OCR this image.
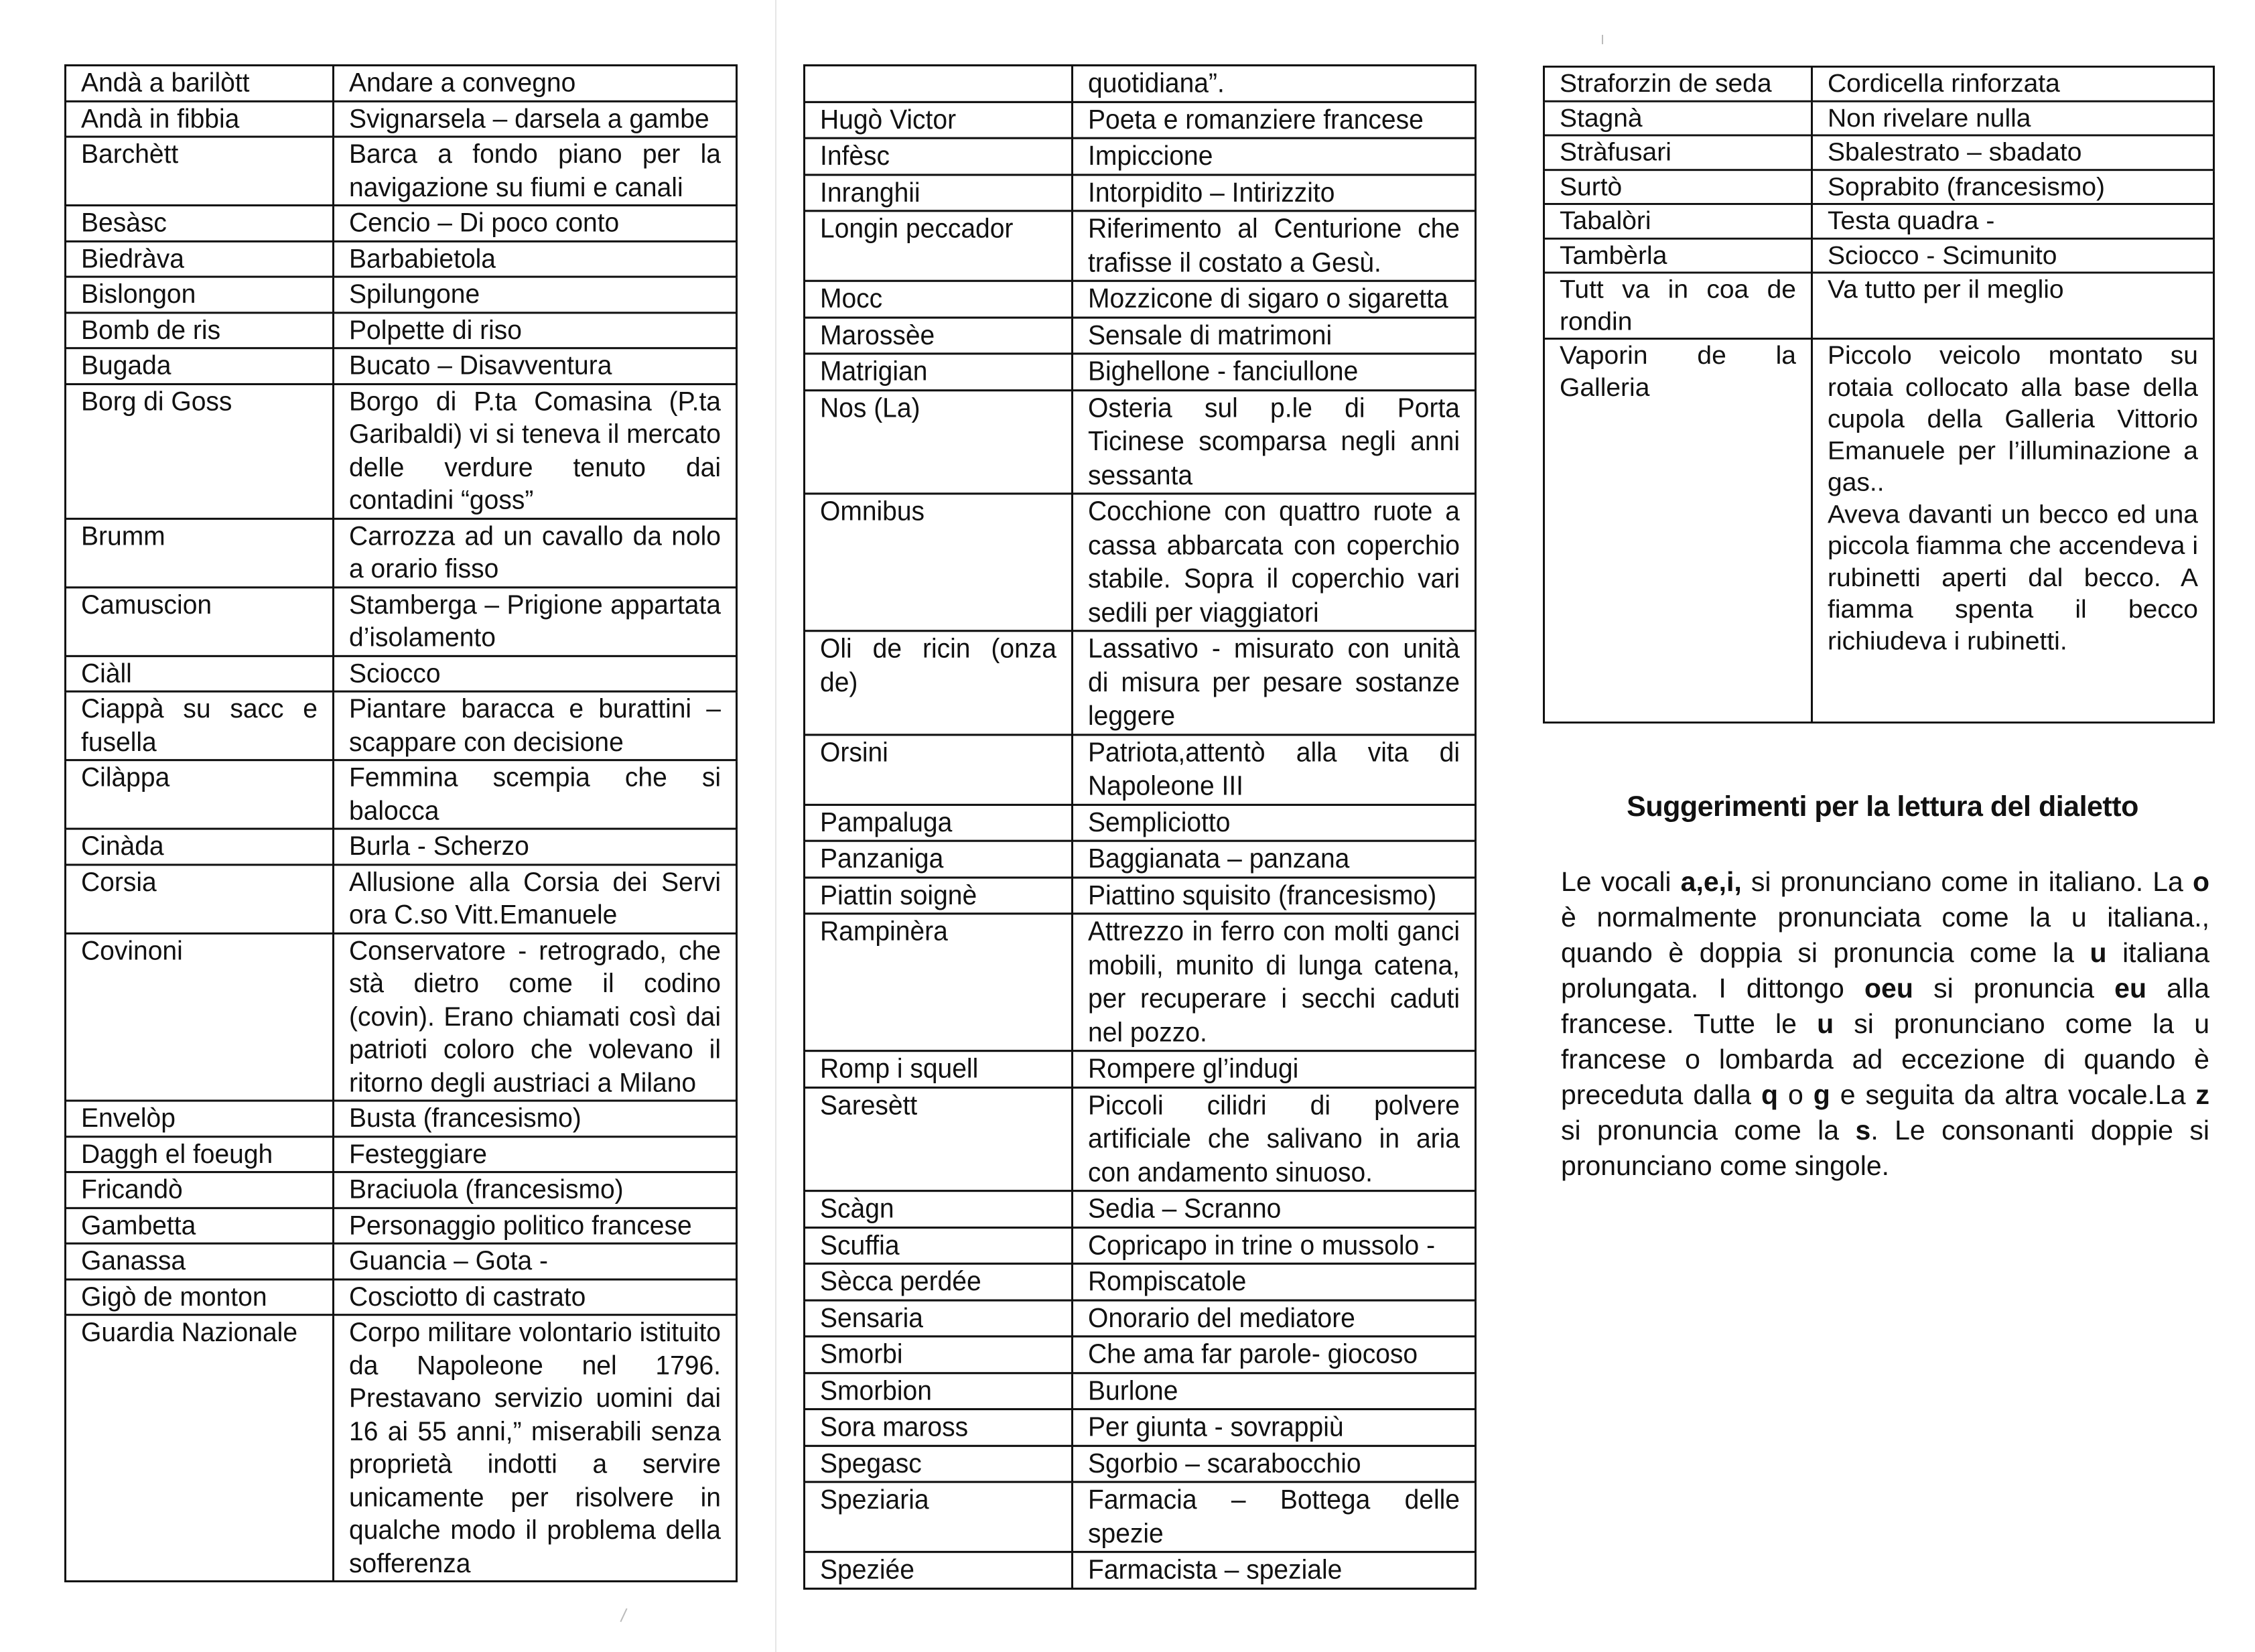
Andà a barilòtt	Andare a convegno
Andà in fibbia	Svignarsela – darsela a gambe
Barchètt	Barca a fondo piano per la navigazione su fiumi e canali
Besàsc	Cencio – Di poco conto
Biedràva	Barbabietola
Bislongon	Spilungone
Bomb de ris	Polpette di riso
Bugada	Bucato – Disavventura
Borg di Goss	Borgo di P.ta Comasina (P.ta Garibaldi) vi si teneva il mercato delle verdure tenuto dai contadini “goss”
Brumm	Carrozza ad un cavallo da nolo a orario fisso
Camuscion	Stamberga – Prigione appartata d’isolamento
Ciàll	Sciocco
Ciappà su sacc e fusella	Piantare baracca e burattini – scappare con decisione
Cilàppa	Femmina scempia che si balocca
Cinàda	Burla - Scherzo
Corsia	Allusione alla Corsia dei Servi ora C.so Vitt.Emanuele
Covinoni	Conservatore - retrogrado, che stà dietro come il codino (covin). Erano chiamati così dai patrioti coloro che volevano il ritorno degli austriaci a Milano
Envelòp	Busta (francesismo)
Daggh el foeugh	Festeggiare
Fricandò	Braciuola (francesismo)
Gambetta	Personaggio politico francese
Ganassa	Guancia – Gota -
Gigò de monton	Cosciotto di castrato
Guardia Nazionale	Corpo militare volontario istituito da Napoleone nel 1796. Prestavano servizio uomini dai 16 ai 55 anni,” miserabili senza proprietà indotti a servire unicamente per risolvere in qualche modo il problema della sofferenza
	quotidiana”.
Hugò Victor	Poeta e romanziere francese
Infèsc	Impiccione
Inranghii	Intorpidito – Intirizzito
Longin peccador	Riferimento al Centurione che trafisse il costato a Gesù.
Mocc	Mozzicone di sigaro o sigaretta
Marossèe	Sensale di matrimoni
Matrigian	Bighellone - fanciullone
Nos (La)	Osteria sul p.le di Porta Ticinese scomparsa negli anni sessanta
Omnibus	Cocchione con quattro ruote a cassa abbarcata con coperchio stabile. Sopra il coperchio vari sedili per viaggiatori
Oli de ricin (onza de)	Lassativo - misurato con unità di misura per pesare sostanze leggere
Orsini	Patriota,attentò alla vita di Napoleone III
Pampaluga	Sempliciotto
Panzaniga	Baggianata – panzana
Piattin soignè	Piattino squisito (francesismo)
Rampinèra	Attrezzo in ferro con molti ganci mobili, munito di lunga catena, per recuperare i secchi caduti nel pozzo.
Romp i squell	Rompere gl’indugi
Saresètt	Piccoli cilidri di polvere artificiale che salivano in aria con andamento sinuoso.
Scàgn	Sedia – Scranno
Scuffia	Copricapo in trine o mussolo -
Sècca perdée	Rompiscatole
Sensaria	Onorario del mediatore
Smorbi	Che ama far parole- giocoso
Smorbion	Burlone
Sora maross	Per giunta - sovrappiù
Spegasc	Sgorbio – scarabocchio
Speziaria	Farmacia – Bottega delle spezie
Speziée	Farmacista – speziale
Straforzin de seda	Cordicella rinforzata
Stagnà	Non rivelare nulla
Stràfusari	Sbalestrato – sbadato
Surtò	Soprabito (francesismo)
Tabalòri	Testa quadra -
Tambèrla	Sciocco - Scimunito
Tutt va in coa de rondin	Va tutto per il meglio
Vaporin de la Galleria	Piccolo veicolo montato su rotaia collocato alla base della cupola della Galleria Vittorio Emanuele per l’illuminazione a gas..
Aveva davanti un becco ed una piccola fiamma che accendeva i rubinetti aperti dal becco. A fiamma spenta il becco richiudeva i rubinetti.
Suggerimenti per la lettura del dialetto
Le vocali a,e,i, si pronunciano come in italiano. La o è normalmente pronunciata come la u italiana., quando è doppia si pronuncia come la u italiana prolungata. I dittongo oeu si pronuncia eu alla francese. Tutte le u si pronunciano come la u francese o lombarda ad eccezione di quando è preceduta dalla q o g e seguita da altra vocale.La z si pronuncia come la s. Le consonanti doppie si pronunciano come singole.
